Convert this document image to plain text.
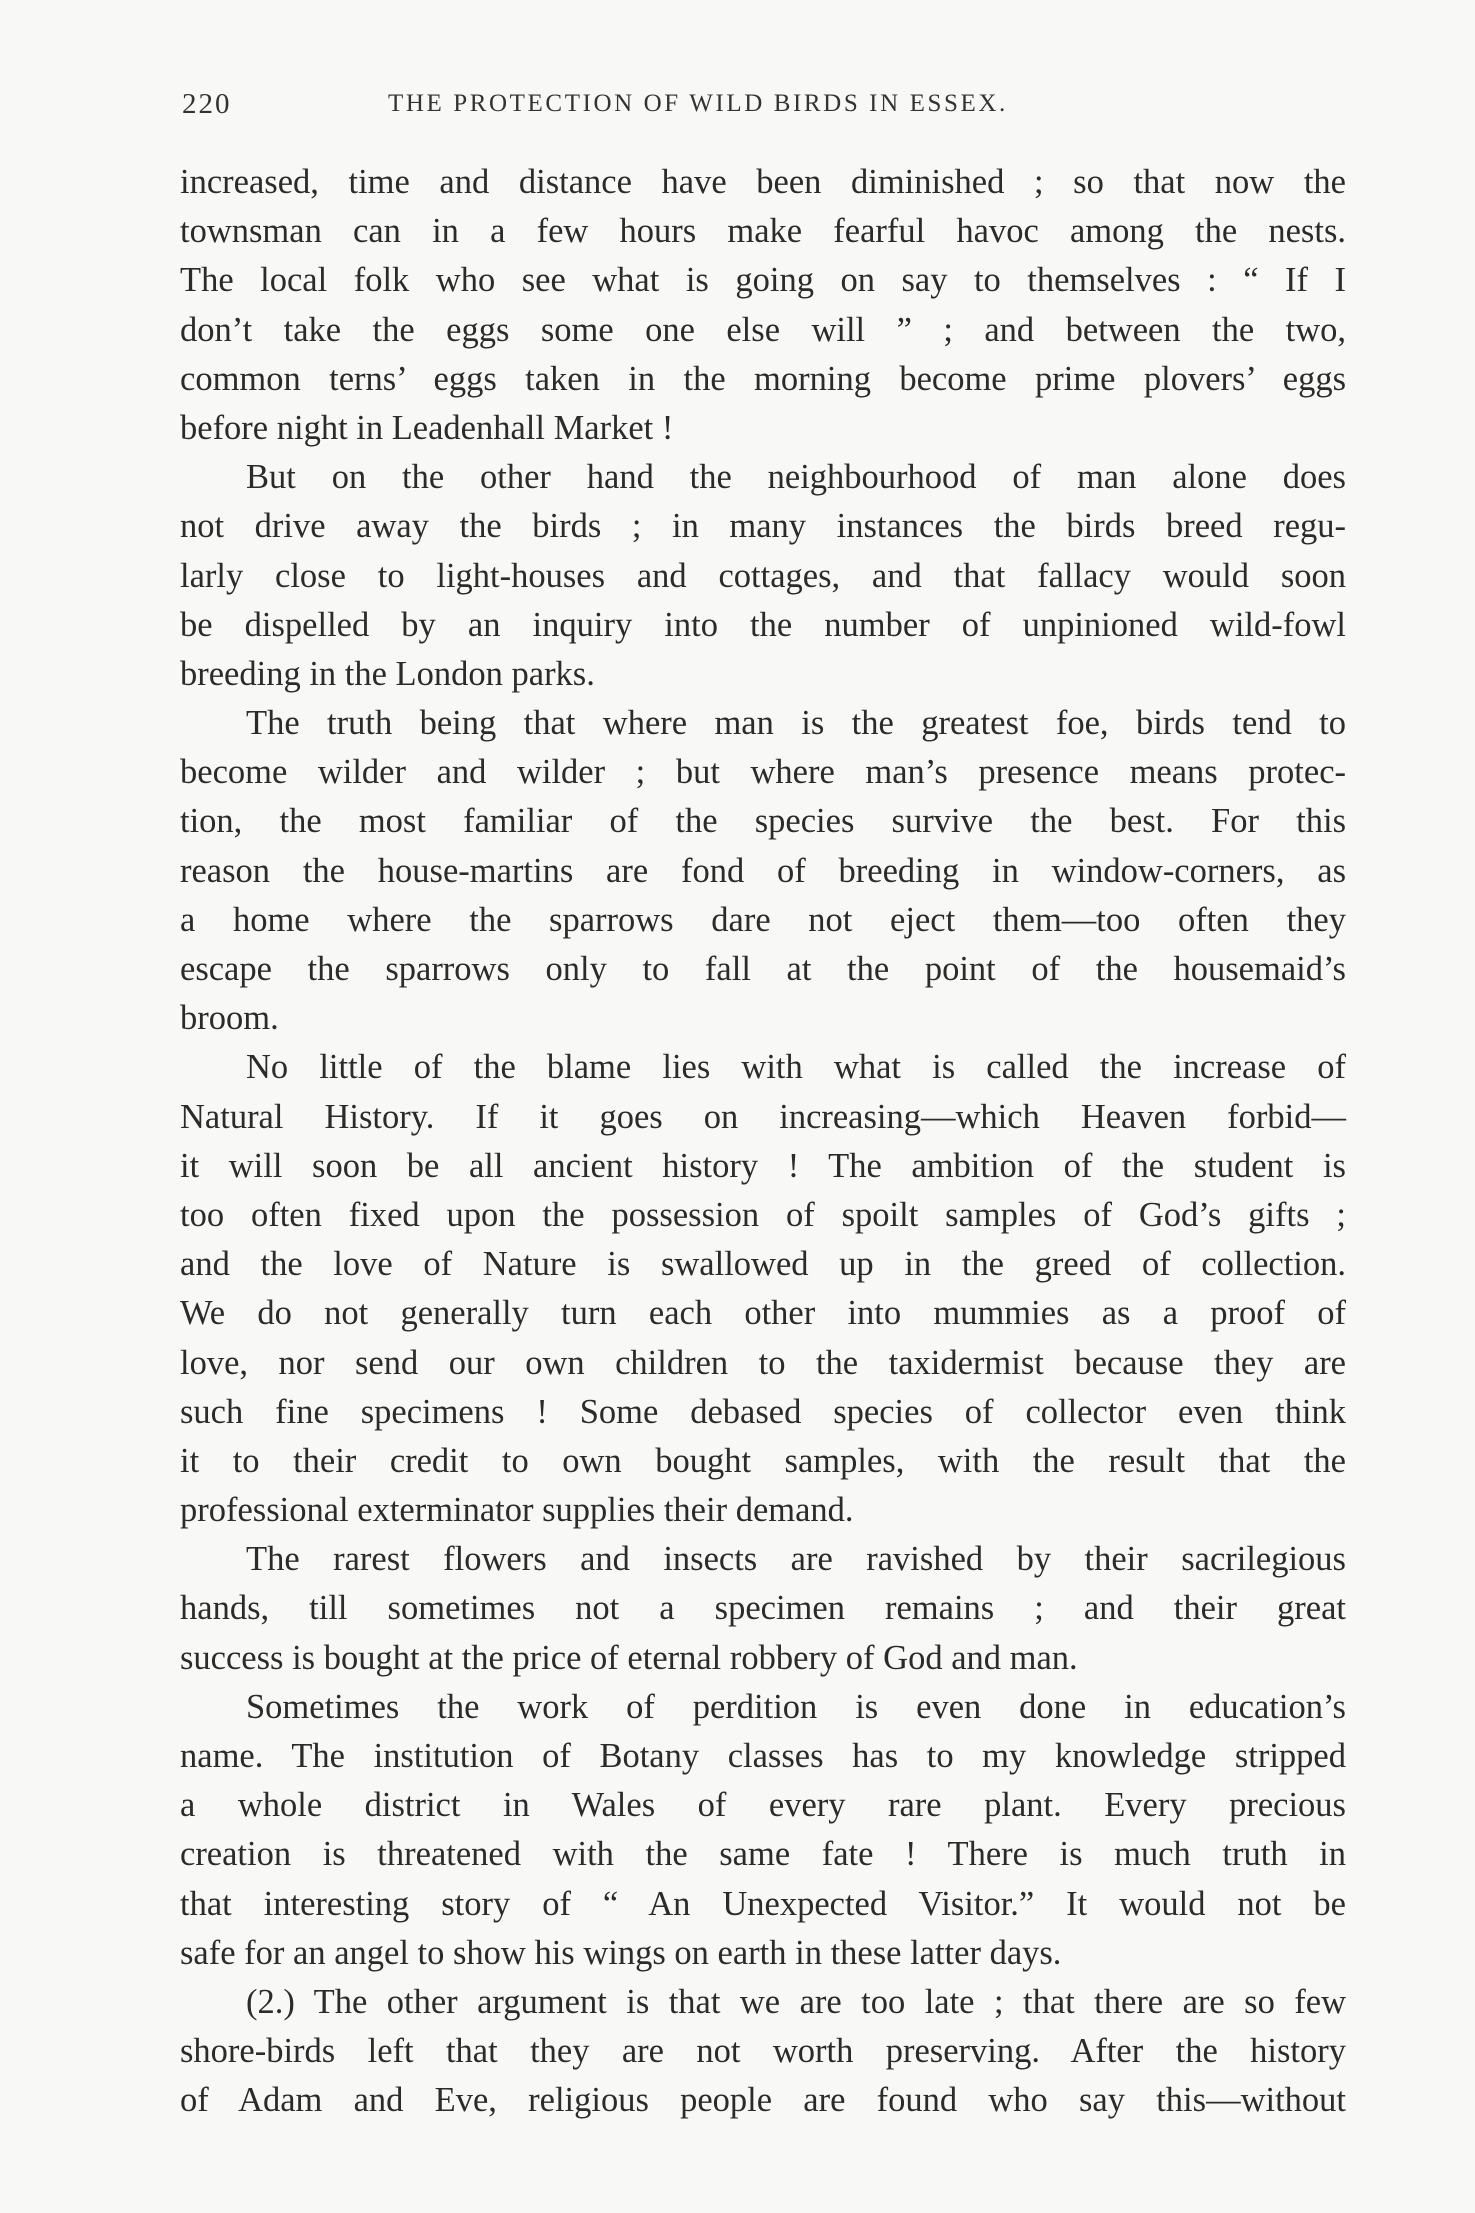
220	THE PROTECTION OF WILD BIRDS IN ESSEX.
increased, time and distance have been diminished ; so that now the
townsman can in a few hours make fearful havoc among the nests.
The local folk who see what is going on say to themselves : “ If I
don’t take the eggs some one else will ” ; and between the two,
common terns’ eggs taken in the morning become prime plovers’ eggs
before night in Leadenhall Market !
But on the other hand the neighbourhood of man alone does
not drive away the birds ; in many instances the birds breed regu-
larly close to light-houses and cottages, and that fallacy would soon
be dispelled by an inquiry into the number of unpinioned wild-fowl
breeding in the London parks.
The truth being that where man is the greatest foe, birds tend to
become wilder and wilder ; but where man’s presence means protec-
tion, the most familiar of the species survive the best. For this
reason the house-martins are fond of breeding in window-corners, as
a home where the sparrows dare not eject them—too often they
escape the sparrows only to fall at the point of the housemaid’s
broom.
No little of the blame lies with what is called the increase of
Natural History. If it goes on increasing—which Heaven forbid—
it will soon be all ancient history ! The ambition of the student is
too often fixed upon the possession of spoilt samples of God’s gifts ;
and the love of Nature is swallowed up in the greed of collection.
We do not generally turn each other into mummies as a proof of
love, nor send our own children to the taxidermist because they are
such fine specimens ! Some debased species of collector even think
it to their credit to own bought samples, with the result that the
professional exterminator supplies their demand.
The rarest flowers and insects are ravished by their sacrilegious
hands, till sometimes not a specimen remains ; and their great
success is bought at the price of eternal robbery of God and man.
Sometimes the work of perdition is even done in education’s
name. The institution of Botany classes has to my knowledge stripped
a whole district in Wales of every rare plant. Every precious
creation is threatened with the same fate ! There is much truth in
that interesting story of “ An Unexpected Visitor.” It would not be
safe for an angel to show his wings on earth in these latter days.
(2.) The other argument is that we are too late ; that there are so few
shore-birds left that they are not worth preserving. After the history
of Adam and Eve, religious people are found who say this—without
